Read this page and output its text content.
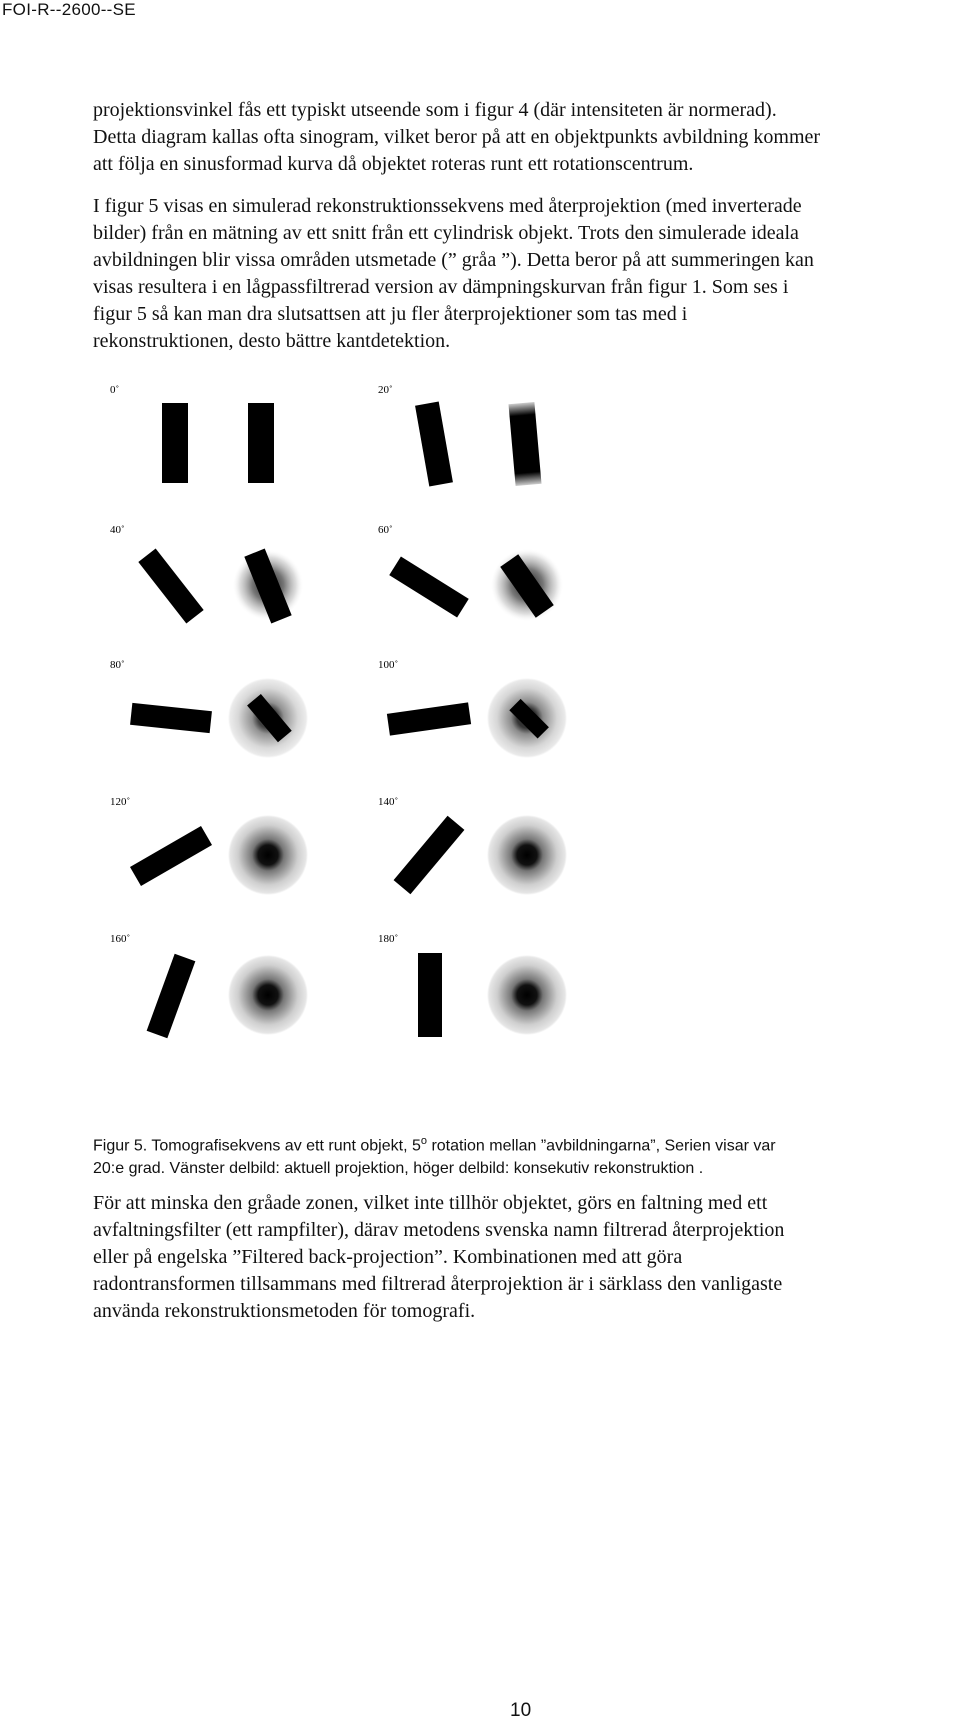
FOI-R--2600--SE
projektionsvinkel fås ett typiskt utseende som i figur 4 (där intensiteten är normerad).
Detta diagram kallas ofta sinogram, vilket beror på att en objektpunkts avbildning kommer
att följa en sinusformad kurva då objektet roteras runt ett rotationscentrum.
I figur 5 visas en simulerad rekonstruktionssekvens med återprojektion (med inverterade
bilder) från en mätning av ett snitt från ett cylindrisk objekt. Trots den simulerade ideala
avbildningen blir vissa områden utsmetade (” gråa ”). Detta beror på att summeringen kan
visas resultera i en lågpassfiltrerad version av dämpningskurvan från figur 1. Som ses i
figur 5 så kan man dra slutsattsen att ju fler återprojektioner som tas med i
rekonstruktionen, desto bättre kantdetektion.
0˚	20˚
40˚	60˚
80˚	100˚
120˚	140˚
160˚	180˚
Figur 5. Tomografisekvens av ett runt objekt, 5$^o$ rotation mellan ”avbildningarna”, Serien visar var
20:e grad. Vänster delbild: aktuell projektion, höger delbild: konsekutiv rekonstruktion .
För att minska den gråade zonen, vilket inte tillhör objektet, görs en faltning med ett
avfaltningsfilter (ett rampfilter), därav metodens svenska namn filtrerad återprojektion
eller på engelska ”Filtered back-projection”. Kombinationen med att göra
radontransformen tillsammans med filtrerad återprojektion är i särklass den vanligaste
använda rekonstruktionsmetoden för tomografi.
10
